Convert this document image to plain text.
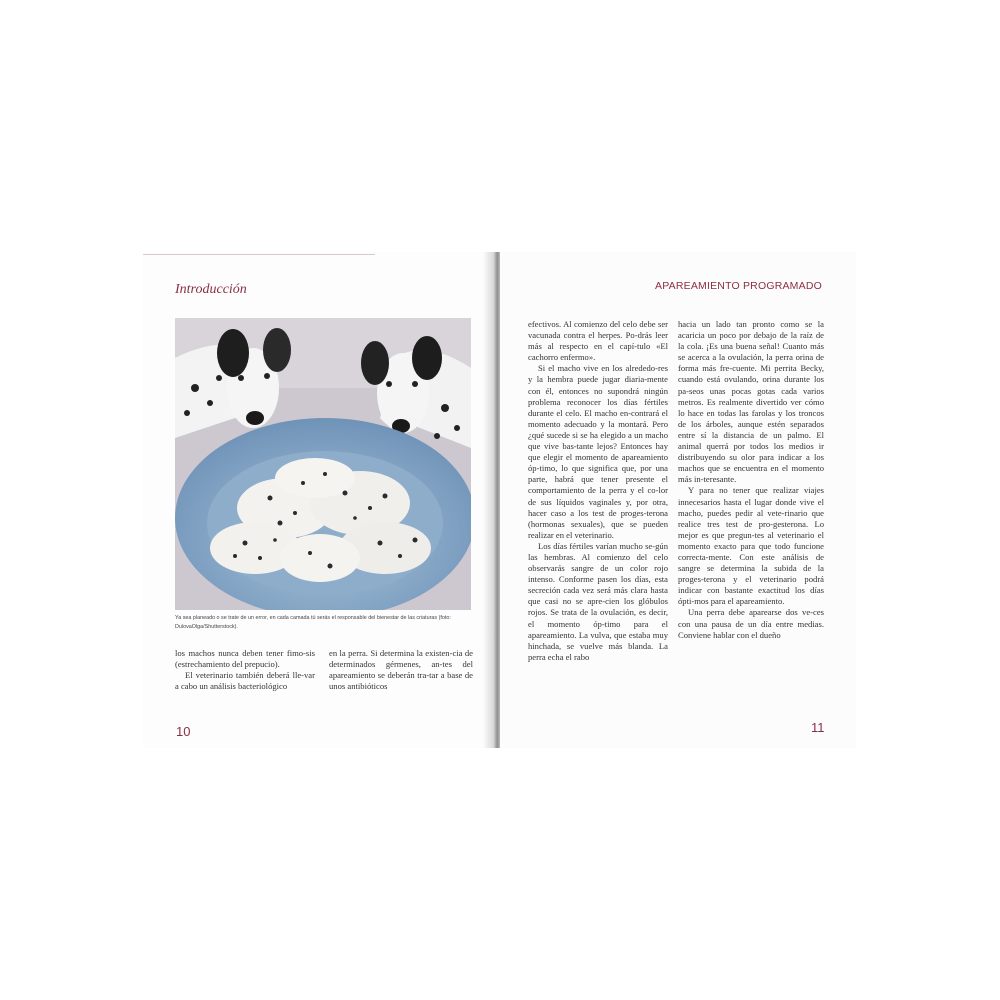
Introducción
Ya sea planeado o se trate de un error, en cada camada tú serás el responsable del bienestar de las criaturas (foto: DulovaOlga/Shutterstock).

los machos nunca deben tener fimo-sis (estrechamiento del prepucio).

El veterinario también deberá lle-var a cabo un análisis bacteriológico

en la perra. Si determina la existen-cia de determinados gérmenes, an-tes del apareamiento se deberán tra-tar a base de unos antibióticos

10
APAREAMIENTO PROGRAMADO
11

efectivos. Al comienzo del celo debe ser vacunada contra el herpes. Po-drás leer más al respecto en el capí-tulo «El cachorro enfermo».

Si el macho vive en los alrededo-res y la hembra puede jugar diaria-mente con él, entonces no supondrá ningún problema reconocer los días fértiles durante el celo. El macho en-contrará el momento adecuado y la montará. Pero ¿qué sucede si se ha elegido a un macho que vive bas-tante lejos? Entonces hay que elegir el momento de apareamiento óp-timo, lo que significa que, por una parte, habrá que tener presente el comportamiento de la perra y el co-lor de sus líquidos vaginales y, por otra, hacer caso a los test de proges-terona (hormonas sexuales), que se pueden realizar en el veterinario.

Los días fértiles varían mucho se-gún las hembras. Al comienzo del celo observarás sangre de un color rojo intenso. Conforme pasen los días, esta secreción cada vez será más clara hasta que casi no se apre-cien los glóbulos rojos. Se trata de la ovulación, es decir, el momento óp-timo para el apareamiento. La vulva, que estaba muy hinchada, se vuelve más blanda. La perra echa el rabo

hacia un lado tan pronto como se la acaricia un poco por debajo de la raíz de la cola. ¡Es una buena señal! Cuanto más se acerca a la ovulación, la perra orina de forma más fre-cuente. Mi perrita Becky, cuando está ovulando, orina durante los pa-seos unas pocas gotas cada varios metros. Es realmente divertido ver cómo lo hace en todas las farolas y los troncos de los árboles, aunque estén separados entre sí la distancia de un palmo. El animal querrá por todos los medios ir distribuyendo su olor para indicar a los machos que se encuentra en el momento más in-teresante.

Y para no tener que realizar viajes innecesarios hasta el lugar donde vive el macho, puedes pedir al vete-rinario que realice tres test de pro-gesterona. Lo mejor es que pregun-tes al veterinario el momento exacto para que todo funcione correcta-mente. Con este análisis de sangre se determina la subida de la proges-terona y el veterinario podrá indicar con bastante exactitud los días ópti-mos para el apareamiento.

Una perra debe aparearse dos ve-ces con una pausa de un día entre medias. Conviene hablar con el dueño
